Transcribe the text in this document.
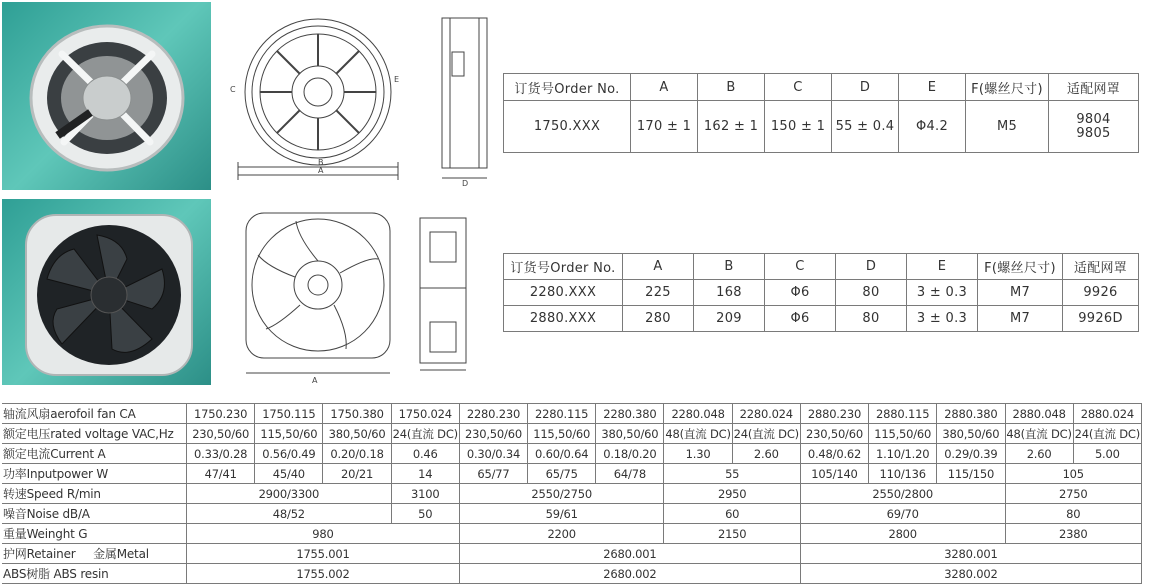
C
B
A
E
D
A
订货号Order No.	A	B	C	D	E	F(螺丝尺寸)	适配网罩
1750.XXX	170 ± 1	162 ± 1	150 ± 1	55 ± 0.4	Φ4.2	M5	9804
9805
订货号Order No.	A	B	C	D	E	F(螺丝尺寸)	适配网罩
2280.XXX	225	168	Φ6	80	3 ± 0.3	M7	9926
2880.XXX	280	209	Φ6	80	3 ± 0.3	M7	9926D
轴流风扇aerofoil fan CA	1750.230	1750.115	1750.380	1750.024	2280.230	2280.115	2280.380	2280.048	2280.024	2880.230	2880.115	2880.380	2880.048	2880.024
额定电压rated voltage VAC,Hz	230,50/60	115,50/60	380,50/60	24(直流 DC)	230,50/60	115,50/60	380,50/60	48(直流 DC)	24(直流 DC)	230,50/60	115,50/60	380,50/60	48(直流 DC)	24(直流 DC)
额定电流Current A	0.33/0.28	0.56/0.49	0.20/0.18	0.46	0.30/0.34	0.60/0.64	0.18/0.20	1.30	2.60	0.48/0.62	1.10/1.20	0.29/0.39	2.60	5.00
功率Inputpower W	47/41	45/40	20/21	14	65/77	65/75	64/78	55		105/140	110/136	115/150	105	
转速Speed R/min	2900/3300			3100	2550/2750			2950		2550/2800			2750	
噪音Noise dB/A	48/52			50	59/61			60		69/70			80	
重量Weinght G	980				2200			2150		2800			2380	
护网Retainer 金属Metal	1755.001				2680.001					3280.001				
ABS树脂 ABS resin	1755.002				2680.002					3280.002				
